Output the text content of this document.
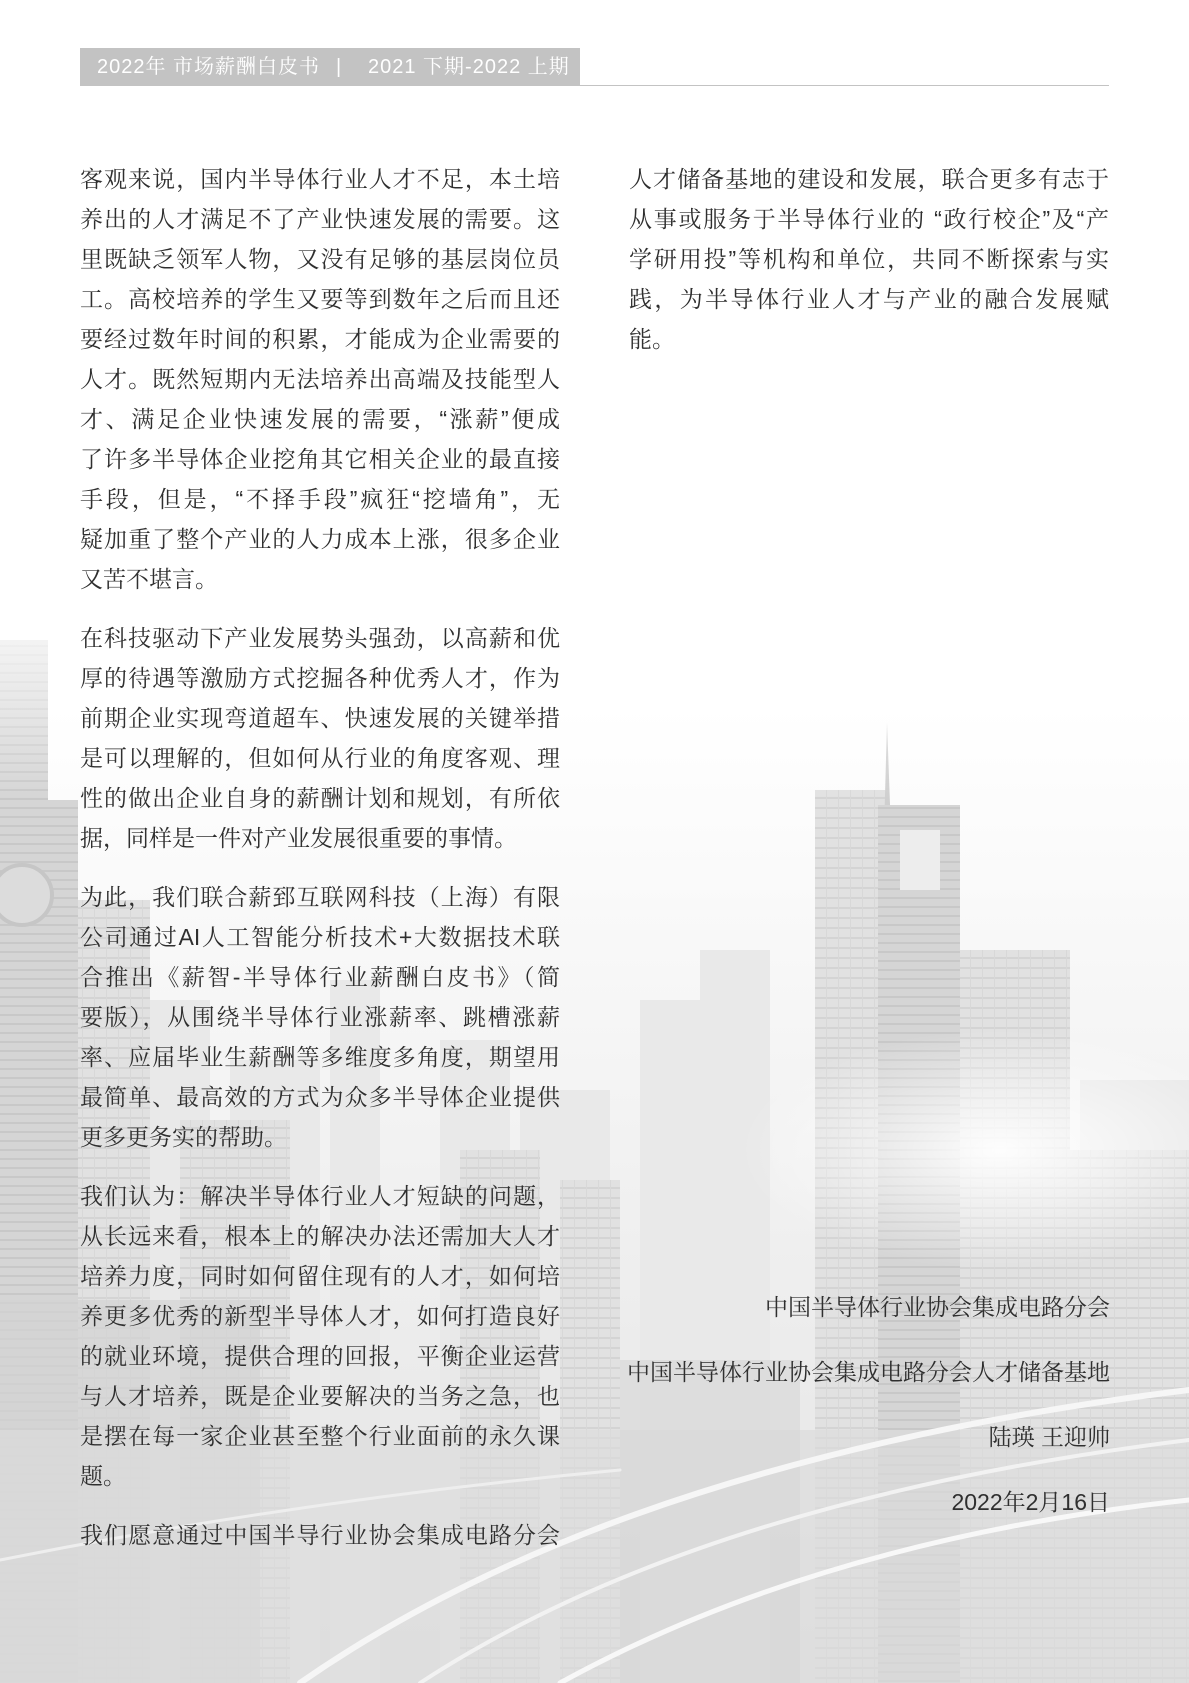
2022年 市场薪酬白皮书 | 2021 下期-2022 上期

客观来说，国内半导体行业人才不足，本土培
养出的人才满足不了产业快速发展的需要。这
里既缺乏领军人物，又没有足够的基层岗位员
工。高校培养的学生又要等到数年之后而且还
要经过数年时间的积累，才能成为企业需要的
人才。既然短期内无法培养出高端及技能型人
才、满足企业快速发展的需要，“涨薪”便成
了许多半导体企业挖角其它相关企业的最直接
手段，但是，“不择手段”疯狂“挖墙角”，无
疑加重了整个产业的人力成本上涨，很多企业
又苦不堪言。

在科技驱动下产业发展势头强劲，以高薪和优
厚的待遇等激励方式挖掘各种优秀人才，作为
前期企业实现弯道超车、快速发展的关键举措
是可以理解的，但如何从行业的角度客观、理
性的做出企业自身的薪酬计划和规划，有所依
据，同样是一件对产业发展很重要的事情。

为此，我们联合薪郅互联网科技（上海）有限
公司通过AI人工智能分析技术+大数据技术联
合推出《薪智-半导体行业薪酬白皮书》（简
要版），从围绕半导体行业涨薪率、跳槽涨薪
率、应届毕业生薪酬等多维度多角度，期望用
最简单、最高效的方式为众多半导体企业提供
更多更务实的帮助。

我们认为：解决半导体行业人才短缺的问题，
从长远来看，根本上的解决办法还需加大人才
培养力度，同时如何留住现有的人才，如何培
养更多优秀的新型半导体人才，如何打造良好
的就业环境，提供合理的回报，平衡企业运营
与人才培养，既是企业要解决的当务之急，也
是摆在每一家企业甚至整个行业面前的永久课
题。

我们愿意通过中国半导行业协会集成电路分会

人才储备基地的建设和发展，联合更多有志于
从事或服务于半导体行业的 “政行校企”及“产
学研用投”等机构和单位，共同不断探索与实
践，为半导体行业人才与产业的融合发展赋
能。

中国半导体行业协会集成电路分会
中国半导体行业协会集成电路分会人才储备基地
陆瑛 王迎帅
2022年2月16日
